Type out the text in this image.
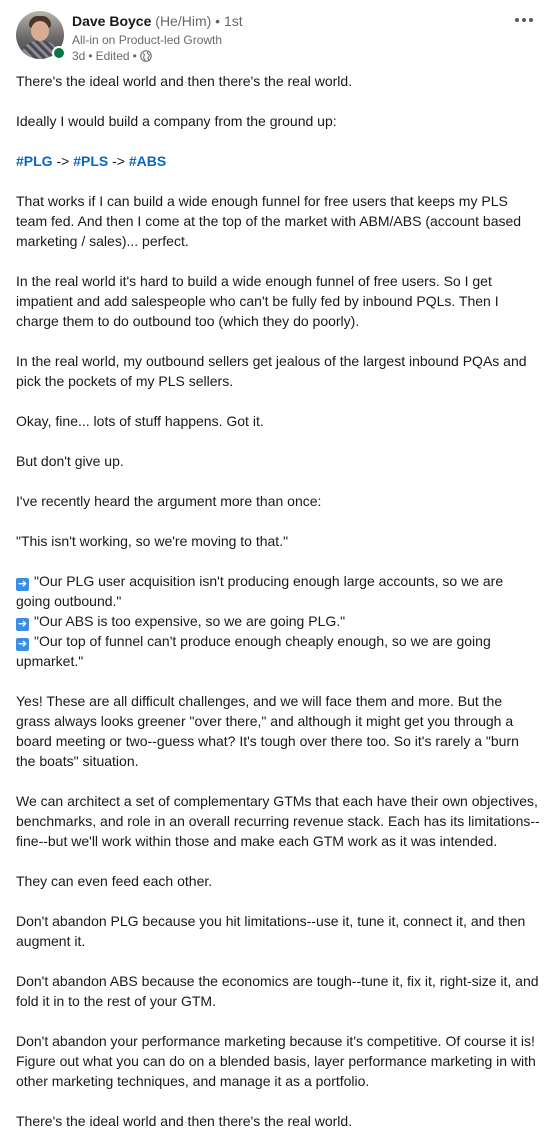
Dave Boyce (He/Him) • 1st
All-in on Product-led Growth
3d • Edited •

There's the ideal world and then there's the real world.

Ideally I would build a company from the ground up:

#PLG -> #PLS -> #ABS

That works if I can build a wide enough funnel for free users that keeps my PLS team fed. And then I come at the top of the market with ABM/ABS (account based marketing / sales)... perfect.

In the real world it's hard to build a wide enough funnel of free users. So I get impatient and add salespeople who can't be fully fed by inbound PQLs. Then I charge them to do outbound too (which they do poorly).

In the real world, my outbound sellers get jealous of the largest inbound PQAs and pick the pockets of my PLS sellers.

Okay, fine... lots of stuff happens. Got it.

But don't give up.

I've recently heard the argument more than once:

"This isn't working, so we're moving to that."

➜ "Our PLG user acquisition isn't producing enough large accounts, so we are going outbound."
➜ "Our ABS is too expensive, so we are going PLG."
➜ "Our top of funnel can't produce enough cheaply enough, so we are going upmarket."

Yes! These are all difficult challenges, and we will face them and more. But the grass always looks greener "over there," and although it might get you through a board meeting or two--guess what? It's tough over there too. So it's rarely a "burn the boats" situation.

We can architect a set of complementary GTMs that each have their own objectives, benchmarks, and role in an overall recurring revenue stack. Each has its limitations--fine--but we'll work within those and make each GTM work as it was intended.

They can even feed each other.

Don't abandon PLG because you hit limitations--use it, tune it, connect it, and then augment it.

Don't abandon ABS because the economics are tough--tune it, fix it, right-size it, and fold it in to the rest of your GTM.

Don't abandon your performance marketing because it's competitive. Of course it is! Figure out what you can do on a blended basis, layer performance marketing in with other marketing techniques, and manage it as a portfolio.

There's the ideal world and then there's the real world.
